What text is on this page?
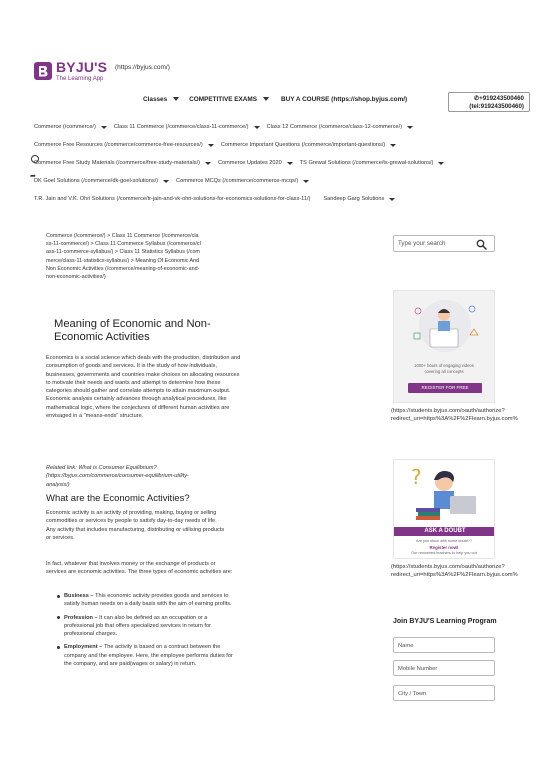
BYJU'S (https://byjus.com/)
The Learning App
Classes	COMPETITIVE EXAMS	BUY A COURSE (https://shop.byjus.com/)	✆+919243500460
(tel:919243500460)
Commerce (/commerce/)	Class 11 Commerce (/commerce/class-11-commerce/)	Class 12 Commerce (/commerce/class-12-commerce/)
Commerce Free Resources (/commerce/commerce-free-resources/)	Commerce Important Questions (/commerce/important-questions/)
Commerce Free Study Materials (/commerce/free-study-materials/)	Commerce Updates 2020	TS Grewal Solutions (/commerce/ts-grewal-solutions/)
DK Goel Solutions (/commerce/dk-goel-solutions/)	Commerce MCQs (/commerce/commerce-mcqs/)
T.R. Jain and V.K. Ohri Solutions (/commerce/tr-jain-and-vk-ohri-solutions-for-economics-solutions-for-class-11/) Sandeep Garg Solutions
➦
Commerce (/commerce/) > Class 11 Commerce (/commerce/class-11-commerce/) > Class 11 Commerce Syllabus (/commerce/class-11-commerce-syllabus/) > Class 11 Statistics Syllabus (/commerce/class-11-statistics-syllabus/) > Meaning Of Economic And Non Economic Activities (/commerce/meaning-of-economic-and-non-economic-activities/)
Type your search
Meaning of Economic and Non-Economic Activities

Economics is a social science which deals with the production, distribution and consumption of goods and services. It is the study of how individuals, businesses, governments and countries make choices on allocating resources to motivate their needs and wants and attempt to determine how these categories should gather and correlate attempts to attain maximum output. Economic analysis certainly advances through analytical procedures, like mathematical logic, where the conjectures of different human activities are envisaged in a "means-ends" structure.

Related link: What is Consumer Equilibrium? (https://byjus.com/commerce/consumer-equilibrium-utility-analysis/)

What are the Economic Activities?

Economic activity is an activity of providing, making, buying or selling commodities or services by people to satisfy day-to-day needs of life. Any activity that includes manufacturing, distributing or utilising products or services.

In fact, whatever that involves money or the exchange of products or services are economic activities. The three types of economic activities are:

Business – This economic activity provides goods and services to satisfy human needs on a daily basis with the aim of earning profits.
Profession – It can also be defined as an occupation or a professional job that offers specialized services in return for professional charges.
Employment – The activity is based on a contract between the company and the employee. Here, the employee performs duties for the company, and are paid(wages or salary) in return.
1000+ hours of engaging videos
covering all concepts
REGISTER FOR FREE
(https://students.byjus.com/oauth/authorize?
redirect_uri=https%3A%2F%2Flearn.byjus.com%
?
ASK A DOUBT
Are you stuck with some doubt??
Register now!
Our renowned teachers to help you out
(https://students.byjus.com/oauth/authorize?
redirect_uri=https%3A%2F%2Flearn.byjus.com%
Join BYJU'S Learning Program
Name
Mobile Number
City / Town
